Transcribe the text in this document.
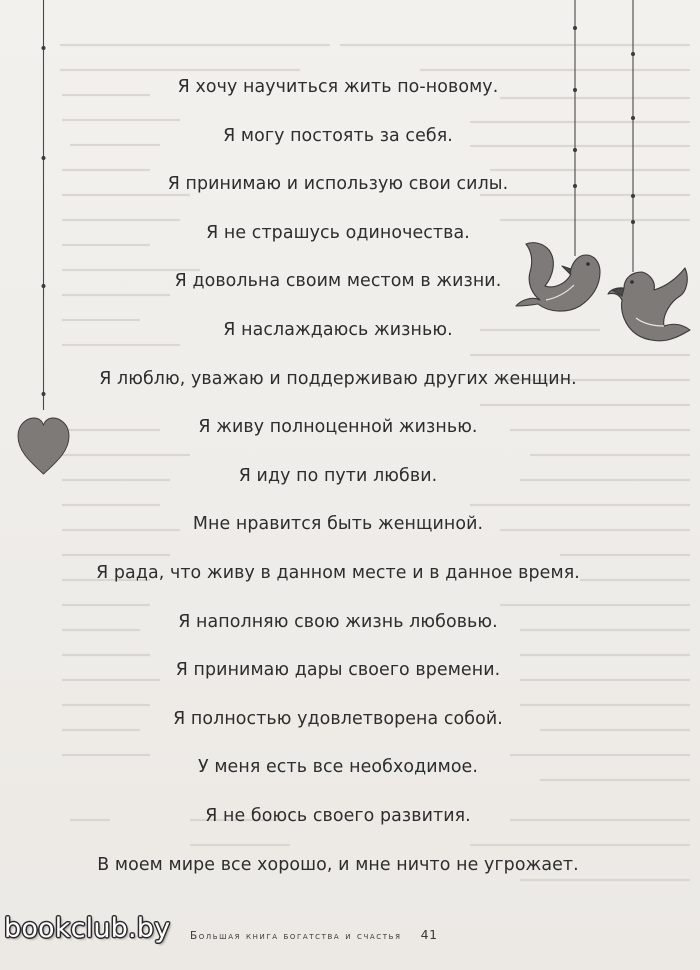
Я хочу научиться жить по-новому.
Я могу постоять за себя.
Я принимаю и использую свои силы.
Я не страшусь одиночества.
Я довольна своим местом в жизни.
Я наслаждаюсь жизнью.
Я люблю, уважаю и поддерживаю других женщин.
Я живу полноценной жизнью.
Я иду по пути любви.
Мне нравится быть женщиной.
Я рада, что живу в данном месте и в данное время.
Я наполняю свою жизнь любовью.
Я принимаю дары своего времени.
Я полностью удовлетворена собой.
У меня есть все необходимое.
Я не боюсь своего развития.
В моем мире все хорошо, и мне ничто не угрожает.
Большая книга богатства и счастья 41
bookclub.by
